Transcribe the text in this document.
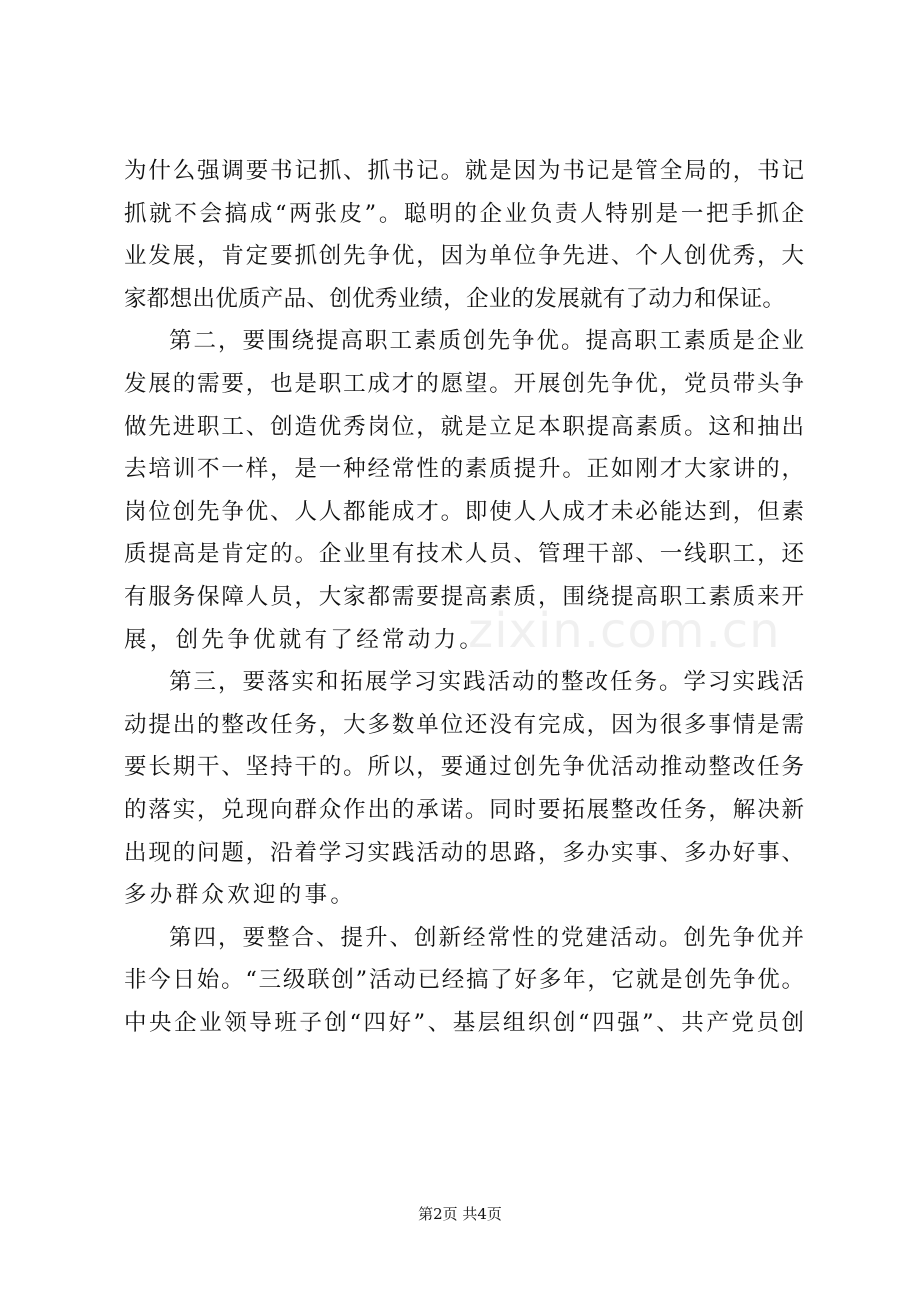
为什么强调要书记抓、抓书记。就是因为书记是管全局的，书记
抓就不会搞成“两张皮”。聪明的企业负责人特别是一把手抓企
业发展，肯定要抓创先争优，因为单位争先进、个人创优秀，大
家都想出优质产品、创优秀业绩，企业的发展就有了动力和保证。
第二，要围绕提高职工素质创先争优。提高职工素质是企业
发展的需要，也是职工成才的愿望。开展创先争优，党员带头争
做先进职工、创造优秀岗位，就是立足本职提高素质。这和抽出
去培训不一样，是一种经常性的素质提升。正如刚才大家讲的，
岗位创先争优、人人都能成才。即使人人成才未必能达到，但素
质提高是肯定的。企业里有技术人员、管理干部、一线职工，还
有服务保障人员，大家都需要提高素质，围绕提高职工素质来开
展，创先争优就有了经常动力。
第三，要落实和拓展学习实践活动的整改任务。学习实践活
动提出的整改任务，大多数单位还没有完成，因为很多事情是需
要长期干、坚持干的。所以，要通过创先争优活动推动整改任务
的落实，兑现向群众作出的承诺。同时要拓展整改任务，解决新
出现的问题，沿着学习实践活动的思路，多办实事、多办好事、
多办群众欢迎的事。
第四，要整合、提升、创新经常性的党建活动。创先争优并
非今日始。“三级联创”活动已经搞了好多年，它就是创先争优。
中央企业领导班子创“四好”、基层组织创“四强”、共产党员创
zixin.com.cn
第2页 共4页
